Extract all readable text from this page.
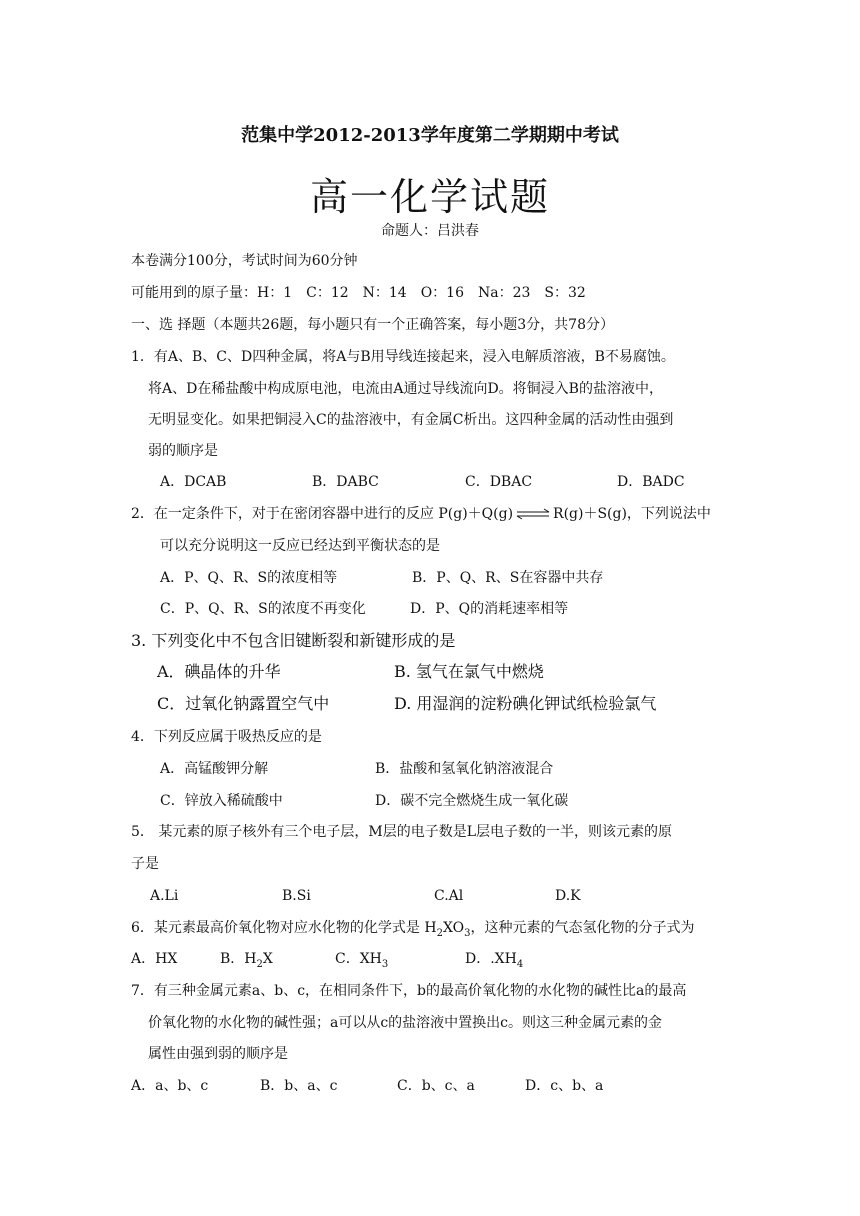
范集中学2012-2013学年度第二学期期中考试
高一化学试题
命题人：吕洪春
本卷满分100分，考试时间为60分钟
可能用到的原子量：H：1　C：12　N：14　O：16　Na：23　S：32
一、选 择题（本题共26题，每小题只有一个正确答案，每小题3分，共78分）
1．有A、B、C、D四种金属，将A与B用导线连接起来，浸入电解质溶液，B不易腐蚀。
将A、D在稀盐酸中构成原电池，电流由A通过导线流向D。将铜浸入B的盐溶液中，
无明显变化。如果把铜浸入C的盐溶液中，有金属C析出。这四种金属的活动性由强到
弱的顺序是
A．DCAB	B．DABC	C．DBAC	D．BADC
2．在一定条件下，对于在密闭容器中进行的反应 P(g)＋Q(g) ⇌ R(g)＋S(g)，下列说法中
可以充分说明这一反应已经达到平衡状态的是
A．P、Q、R、S的浓度相等	B．P、Q、R、S在容器中共存
C．P、Q、R、S的浓度不再变化	D．P、Q的消耗速率相等
3. 下列变化中不包含旧键断裂和新键形成的是
A．碘晶体的升华	B. 氢气在氯气中燃烧
C．过氧化钠露置空气中	D. 用湿润的淀粉碘化钾试纸检验氯气
4．下列反应属于吸热反应的是
A．高锰酸钾分解	B．盐酸和氢氧化钠溶液混合
C．锌放入稀硫酸中	D．碳不完全燃烧生成一氧化碳
5． 某元素的原子核外有三个电子层，M层的电子数是L层电子数的一半，则该元素的原
子是
A.Li	B.Si	C.Al	D.K
6．某元素最高价氧化物对应水化物的化学式是 $H_2XO_3$，这种元素的气态氢化物的分子式为
A．HX	B．$H_2X$	C．$XH_3$	D．$.XH_4$
7．有三种金属元素a、b、c，在相同条件下，b的最高价氧化物的水化物的碱性比a的最高
价氧化物的水化物的碱性强；a可以从c的盐溶液中置换出c。则这三种金属元素的金
属性由强到弱的顺序是
A．a、b、c	B．b、a、c	C．b、c、a	D．c、b、a
